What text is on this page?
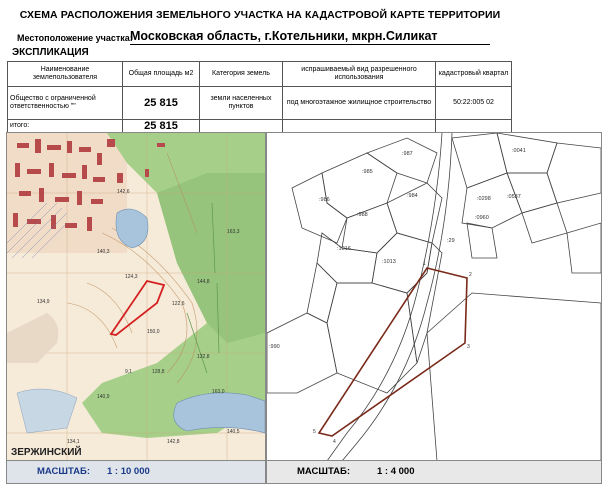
СХЕМА РАСПОЛОЖЕНИЯ ЗЕМЕЛЬНОГО УЧАСТКА НА КАДАСТРОВОЙ КАРТЕ ТЕРРИТОРИИ
Местоположение участка:
Московская область, г.Котельники, мкрн.Силикат
ЭКСПЛИКАЦИЯ
Наименование землепользователя	Общая площадь м2	Категория земель	испрашиваемый вид разрешенного использования	кадастровый квартал
Общество с ограниченной ответственностью ""	25 815	земли населенных пунктов	под многоэтажное жилищное строительство	50:22:005 02
итого:	25 815			
124,3
122,6
128,8
140,9
132,8
134,1
163,3
140,3
142,6
144,8
150,0
163,0
134,9
142,8
140,5
9,1
ЗЕРЖИНСКИЙ
1
2
3
4
5
:987
:985
:986
:984
:988
:1016
:1013
:990
:29
:0041
:0298	:0537
:0960
МАСШТАБ: 1 : 10 000	МАСШТАБ:	1 : 4 000
